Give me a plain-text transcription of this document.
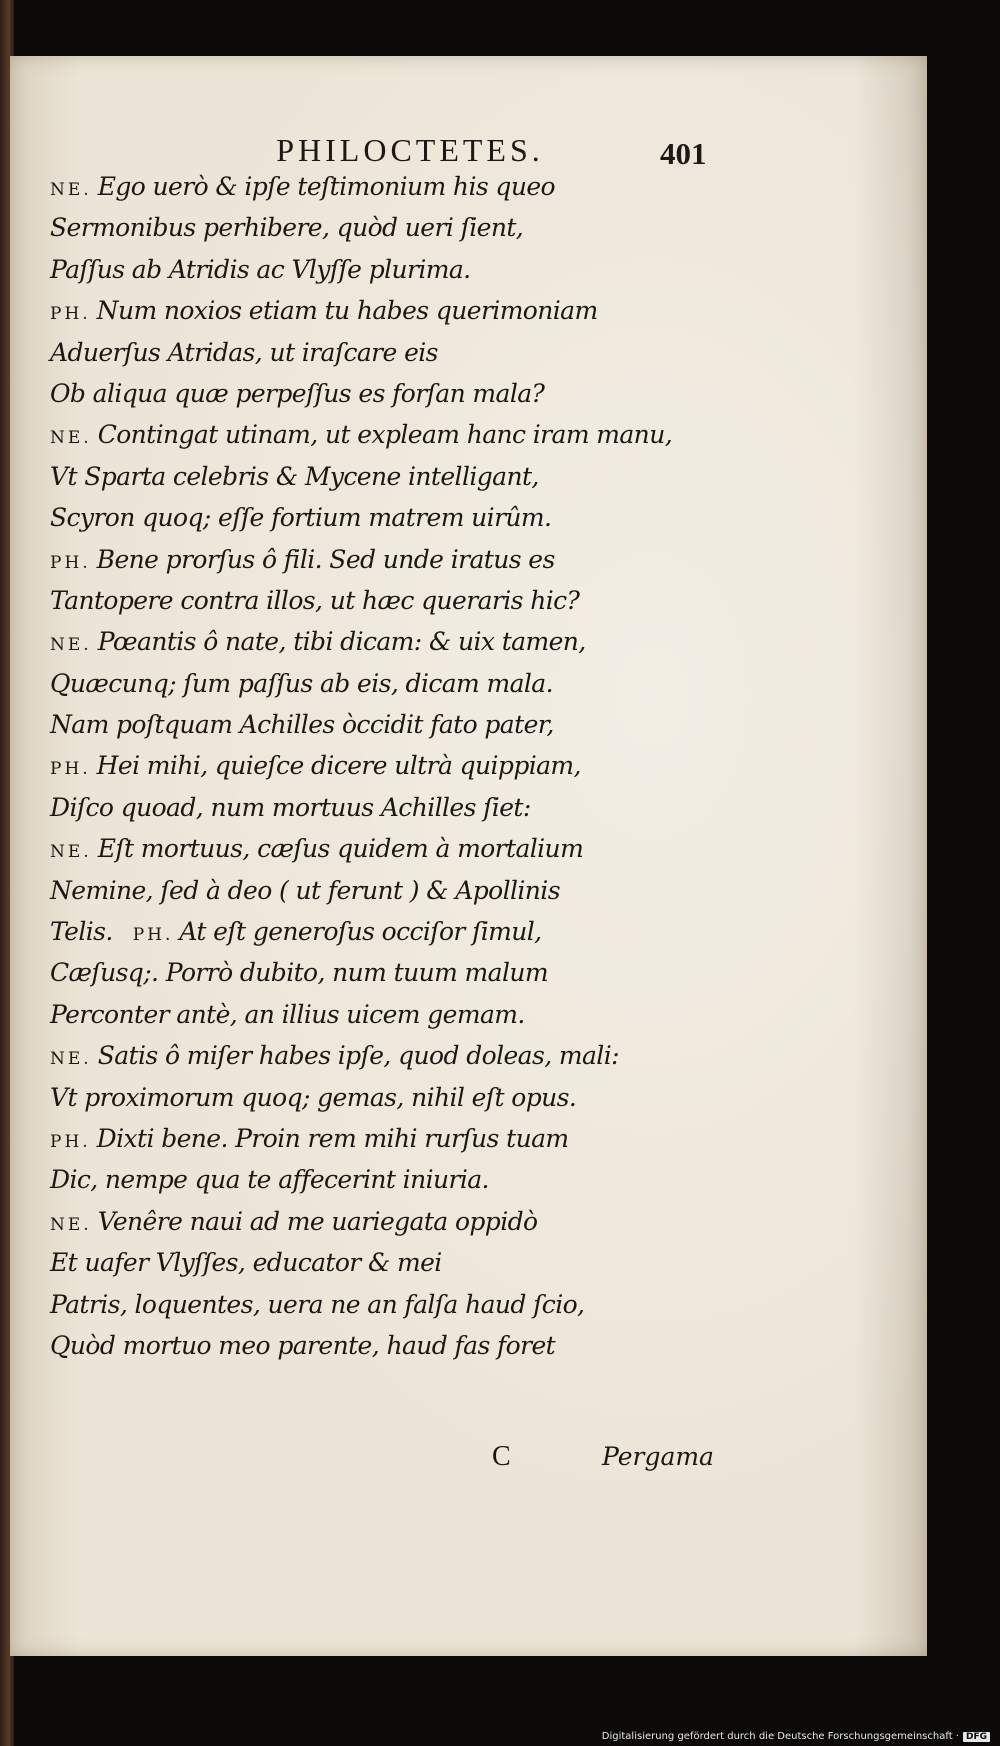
PHILOCTETES.	401
NE. Ego uerò & ipſe teſtimonium his queo
Sermonibus perhibere, quòd ueri ſient,
Paſſus ab Atridis ac Vlyſſe plurima.
PH. Num noxios etiam tu habes querimoniam
Aduerſus Atridas, ut iraſcare eis
Ob aliqua quæ perpeſſus es forſan mala?
NE. Contingat utinam, ut expleam hanc iram manu,
Vt Sparta celebris & Mycene intelligant,
Scyron quoq; eſſe fortium matrem uirûm.
PH. Bene prorſus ô fili. Sed unde iratus es
Tantopere contra illos, ut hæc queraris hic?
NE. Pœantis ô nate, tibi dicam: & uix tamen,
Quæcunq; ſum paſſus ab eis, dicam mala.
Nam poſtquam Achilles òccidit fato pater,
PH. Hei mihi, quieſce dicere ultrà quippiam,
Diſco quoad, num mortuus Achilles ſiet:
NE. Eſt mortuus, cæſus quidem à mortalium
Nemine, ſed à deo ( ut ferunt ) & Apollinis
Telis. PH. At eſt generoſus occiſor ſimul,
Cæſusq;. Porrò dubito, num tuum malum
Perconter antè, an illius uicem gemam.
NE. Satis ô miſer habes ipſe, quod doleas, mali:
Vt proximorum quoq; gemas, nihil eſt opus.
PH. Dixti bene. Proin rem mihi rurſus tuam
Dic, nempe qua te affecerint iniuria.
NE. Venêre naui ad me uariegata oppidò
Et uafer Vlyſſes, educator & mei
Patris, loquentes, uera ne an falſa haud ſcio,
Quòd mortuo meo parente, haud fas foret
C	Pergama
Digitalisierung gefördert durch die Deutsche Forschungsgemeinschaft · DFG
